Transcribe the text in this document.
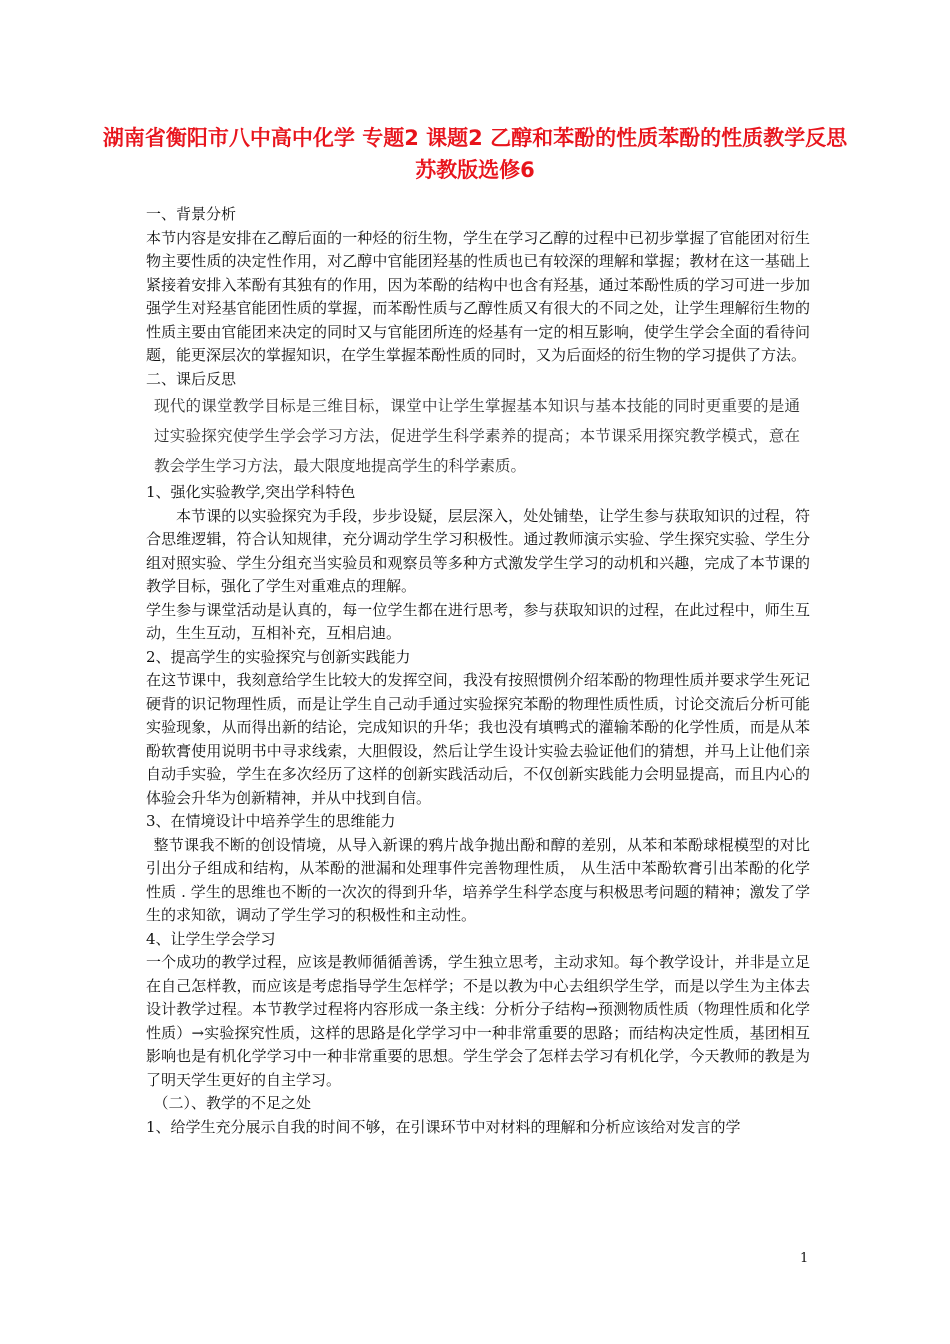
湖南省衡阳市八中高中化学 专题2 课题2 乙醇和苯酚的性质苯酚的性质教学反思 苏教版选修6

一、背景分析

本节内容是安排在乙醇后面的一种烃的衍生物，学生在学习乙醇的过程中已初步掌握了官能团对衍生物主要性质的决定性作用，对乙醇中官能团羟基的性质也已有较深的理解和掌握；教材在这一基础上紧接着安排入苯酚有其独有的作用，因为苯酚的结构中也含有羟基，通过苯酚性质的学习可进一步加强学生对羟基官能团性质的掌握，而苯酚性质与乙醇性质又有很大的不同之处，让学生理解衍生物的性质主要由官能团来决定的同时又与官能团所连的烃基有一定的相互影响，使学生学会全面的看待问题，能更深层次的掌握知识，在学生掌握苯酚性质的同时，又为后面烃的衍生物的学习提供了方法。

二、课后反思

现代的课堂教学目标是三维目标，课堂中让学生掌握基本知识与基本技能的同时更重要的是通过实验探究使学生学会学习方法，促进学生科学素养的提高；本节课采用探究教学模式，意在教会学生学习方法，最大限度地提高学生的科学素质。

1、强化实验教学,突出学科特色

本节课的以实验探究为手段，步步设疑，层层深入，处处铺垫，让学生参与获取知识的过程，符合思维逻辑，符合认知规律，充分调动学生学习积极性。通过教师演示实验、学生探究实验、学生分组对照实验、学生分组充当实验员和观察员等多种方式激发学生学习的动机和兴趣，完成了本节课的教学目标，强化了学生对重难点的理解。

学生参与课堂活动是认真的，每一位学生都在进行思考，参与获取知识的过程，在此过程中，师生互动，生生互动，互相补充，互相启迪。

2、提高学生的实验探究与创新实践能力

在这节课中，我刻意给学生比较大的发挥空间，我没有按照惯例介绍苯酚的物理性质并要求学生死记硬背的识记物理性质，而是让学生自己动手通过实验探究苯酚的物理性质性质，讨论交流后分析可能实验现象，从而得出新的结论，完成知识的升华；我也没有填鸭式的灌输苯酚的化学性质，而是从苯酚软膏使用说明书中寻求线索，大胆假设，然后让学生设计实验去验证他们的猜想，并马上让他们亲自动手实验，学生在多次经历了这样的创新实践活动后，不仅创新实践能力会明显提高，而且内心的体验会升华为创新精神，并从中找到自信。

3、在情境设计中培养学生的思维能力

整节课我不断的创设情境，从导入新课的鸦片战争抛出酚和醇的差别，从苯和苯酚球棍模型的对比引出分子组成和结构，从苯酚的泄漏和处理事件完善物理性质， 从生活中苯酚软膏引出苯酚的化学性质 . 学生的思维也不断的一次次的得到升华，培养学生科学态度与积极思考问题的精神；激发了学生的求知欲，调动了学生学习的积极性和主动性。

4、让学生学会学习

一个成功的教学过程，应该是教师循循善诱，学生独立思考，主动求知。每个教学设计，并非是立足在自己怎样教，而应该是考虑指导学生怎样学；不是以教为中心去组织学生学，而是以学生为主体去设计教学过程。本节教学过程将内容形成一条主线：分析分子结构→预测物质性质（物理性质和化学性质）→实验探究性质，这样的思路是化学学习中一种非常重要的思路；而结构决定性质，基团相互影响也是有机化学学习中一种非常重要的思想。学生学会了怎样去学习有机化学，今天教师的教是为了明天学生更好的自主学习。

（二）、教学的不足之处

1、给学生充分展示自我的时间不够，在引课环节中对材料的理解和分析应该给对发言的学

1
